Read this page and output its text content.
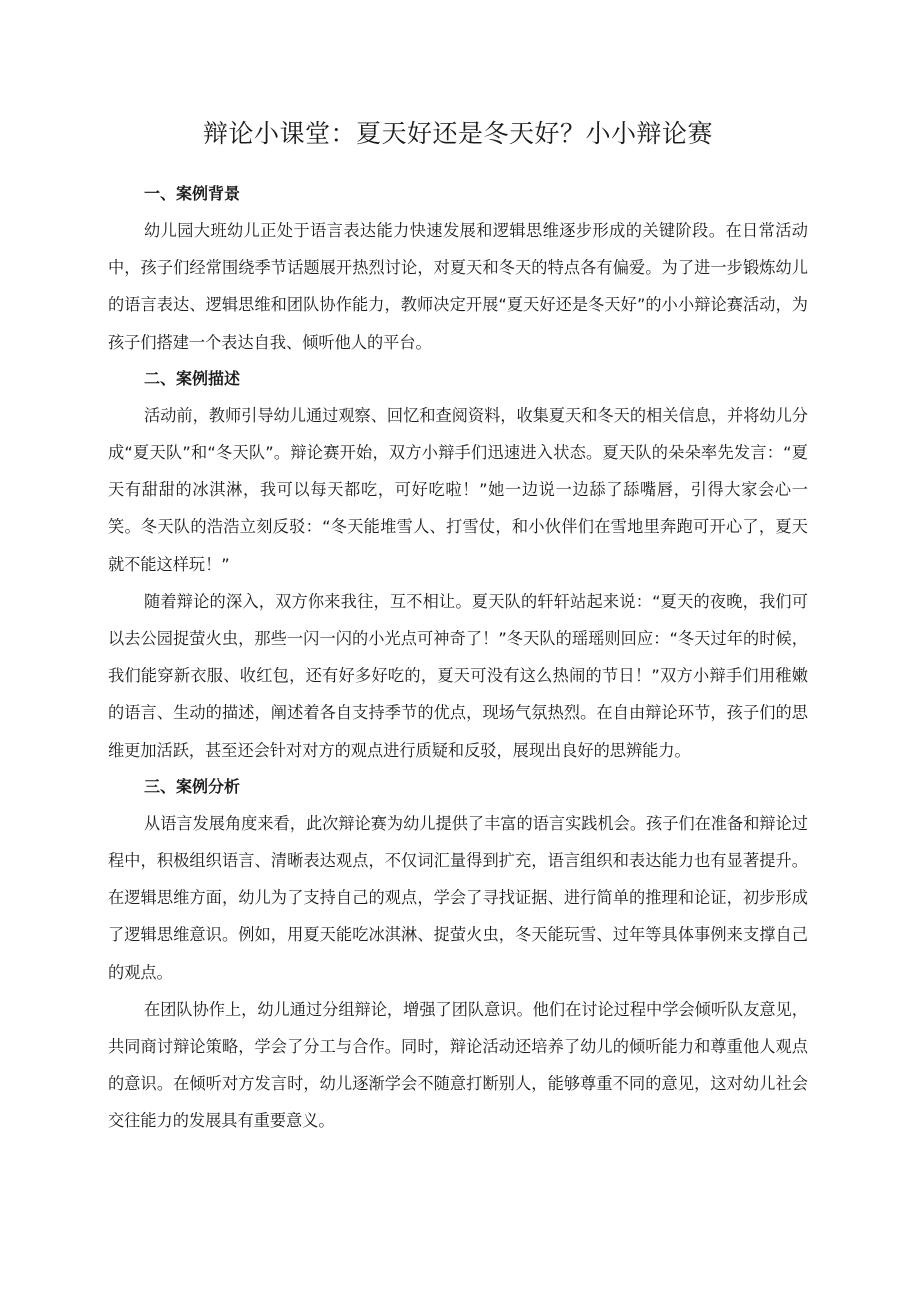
辩论小课堂：夏天好还是冬天好？小小辩论赛
一、案例背景

幼儿园大班幼儿正处于语言表达能力快速发展和逻辑思维逐步形成的关键阶段。在日常活动中，孩子们经常围绕季节话题展开热烈讨论，对夏天和冬天的特点各有偏爱。为了进一步锻炼幼儿的语言表达、逻辑思维和团队协作能力，教师决定开展“夏天好还是冬天好”的小小辩论赛活动，为孩子们搭建一个表达自我、倾听他人的平台。

二、案例描述

活动前，教师引导幼儿通过观察、回忆和查阅资料，收集夏天和冬天的相关信息，并将幼儿分成“夏天队”和“冬天队”。辩论赛开始，双方小辩手们迅速进入状态。夏天队的朵朵率先发言：“夏天有甜甜的冰淇淋，我可以每天都吃，可好吃啦！”她一边说一边舔了舔嘴唇，引得大家会心一笑。冬天队的浩浩立刻反驳：“冬天能堆雪人、打雪仗，和小伙伴们在雪地里奔跑可开心了，夏天就不能这样玩！”

随着辩论的深入，双方你来我往，互不相让。夏天队的轩轩站起来说：“夏天的夜晚，我们可以去公园捉萤火虫，那些一闪一闪的小光点可神奇了！”冬天队的瑶瑶则回应：“冬天过年的时候，我们能穿新衣服、收红包，还有好多好吃的，夏天可没有这么热闹的节日！”双方小辩手们用稚嫩的语言、生动的描述，阐述着各自支持季节的优点，现场气氛热烈。在自由辩论环节，孩子们的思维更加活跃，甚至还会针对对方的观点进行质疑和反驳，展现出良好的思辨能力。

三、案例分析

从语言发展角度来看，此次辩论赛为幼儿提供了丰富的语言实践机会。孩子们在准备和辩论过程中，积极组织语言、清晰表达观点，不仅词汇量得到扩充，语言组织和表达能力也有显著提升。在逻辑思维方面，幼儿为了支持自己的观点，学会了寻找证据、进行简单的推理和论证，初步形成了逻辑思维意识。例如，用夏天能吃冰淇淋、捉萤火虫，冬天能玩雪、过年等具体事例来支撑自己的观点。

在团队协作上，幼儿通过分组辩论，增强了团队意识。他们在讨论过程中学会倾听队友意见，共同商讨辩论策略，学会了分工与合作。同时，辩论活动还培养了幼儿的倾听能力和尊重他人观点的意识。在倾听对方发言时，幼儿逐渐学会不随意打断别人，能够尊重不同的意见，这对幼儿社会交往能力的发展具有重要意义。
